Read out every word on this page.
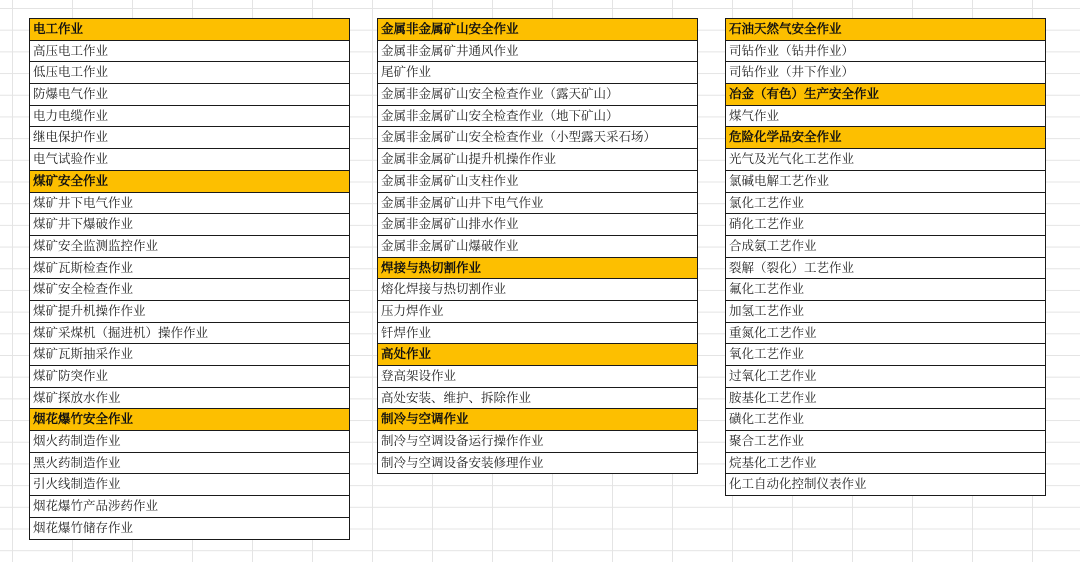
电工作业
高压电工作业
低压电工作业
防爆电气作业
电力电缆作业
继电保护作业
电气试验作业
煤矿安全作业
煤矿井下电气作业
煤矿井下爆破作业
煤矿安全监测监控作业
煤矿瓦斯检查作业
煤矿安全检查作业
煤矿提升机操作作业
煤矿采煤机（掘进机）操作作业
煤矿瓦斯抽采作业
煤矿防突作业
煤矿探放水作业
烟花爆竹安全作业
烟火药制造作业
黑火药制造作业
引火线制造作业
烟花爆竹产品涉药作业
烟花爆竹储存作业
金属非金属矿山安全作业
金属非金属矿井通风作业
尾矿作业
金属非金属矿山安全检查作业（露天矿山）
金属非金属矿山安全检查作业（地下矿山）
金属非金属矿山安全检查作业（小型露天采石场）
金属非金属矿山提升机操作作业
金属非金属矿山支柱作业
金属非金属矿山井下电气作业
金属非金属矿山排水作业
金属非金属矿山爆破作业
焊接与热切割作业
熔化焊接与热切割作业
压力焊作业
钎焊作业
高处作业
登高架设作业
高处安装、维护、拆除作业
制冷与空调作业
制冷与空调设备运行操作作业
制冷与空调设备安装修理作业
石油天然气安全作业
司钻作业（钻井作业）
司钻作业（井下作业）
冶金（有色）生产安全作业
煤气作业
危险化学品安全作业
光气及光气化工艺作业
氯碱电解工艺作业
氯化工艺作业
硝化工艺作业
合成氨工艺作业
裂解（裂化）工艺作业
氟化工艺作业
加氢工艺作业
重氮化工艺作业
氧化工艺作业
过氧化工艺作业
胺基化工艺作业
磺化工艺作业
聚合工艺作业
烷基化工艺作业
化工自动化控制仪表作业
